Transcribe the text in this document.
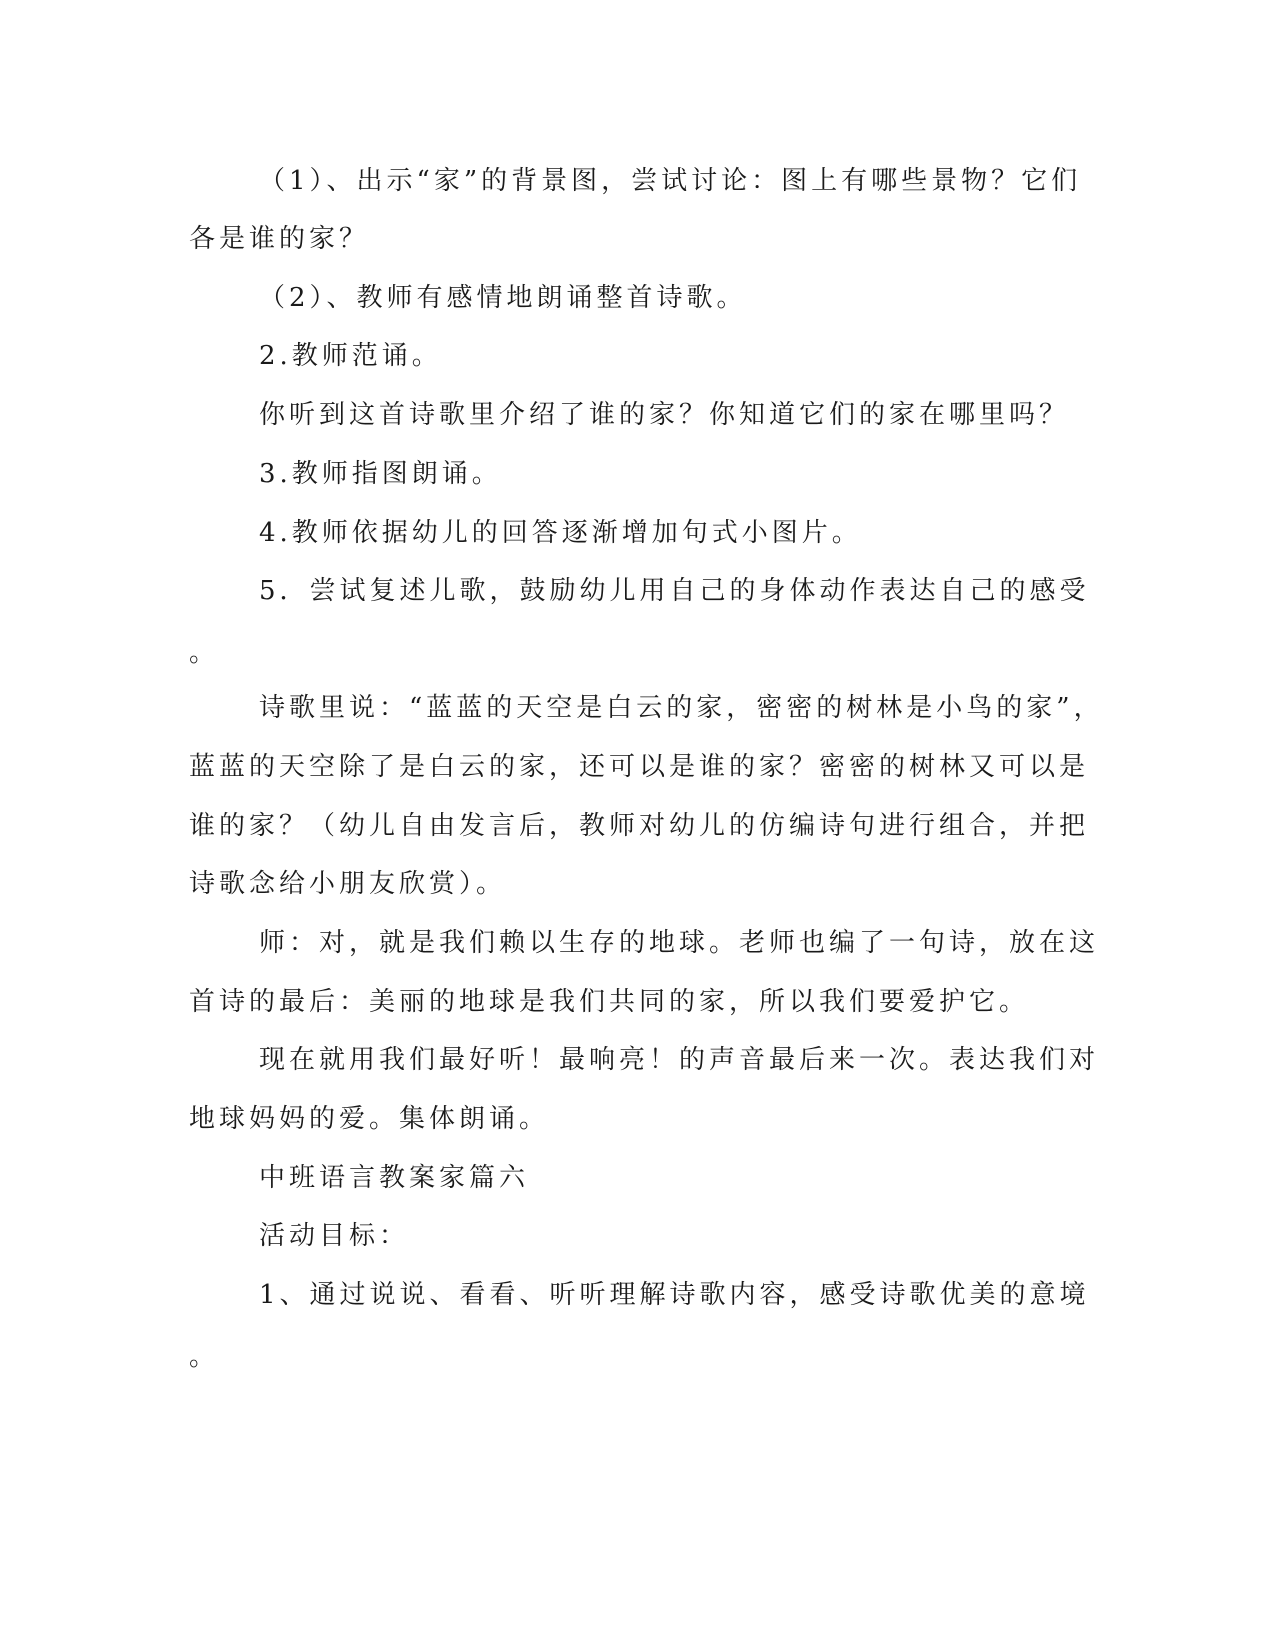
（1）、出示“家”的背景图，尝试讨论：图上有哪些景物？它们
各是谁的家？
（2）、教师有感情地朗诵整首诗歌。
2.教师范诵。
你听到这首诗歌里介绍了谁的家？你知道它们的家在哪里吗？
3.教师指图朗诵。
4.教师依据幼儿的回答逐渐增加句式小图片。
5．尝试复述儿歌，鼓励幼儿用自己的身体动作表达自己的感受
。
诗歌里说：“蓝蓝的天空是白云的家，密密的树林是小鸟的家”，
蓝蓝的天空除了是白云的家，还可以是谁的家？密密的树林又可以是
谁的家？（幼儿自由发言后，教师对幼儿的仿编诗句进行组合，并把
诗歌念给小朋友欣赏）。
师：对，就是我们赖以生存的地球。老师也编了一句诗，放在这
首诗的最后：美丽的地球是我们共同的家，所以我们要爱护它。
现在就用我们最好听！最响亮！的声音最后来一次。表达我们对
地球妈妈的爱。集体朗诵。
中班语言教案家篇六
活动目标：
1、通过说说、看看、听听理解诗歌内容，感受诗歌优美的意境
。
